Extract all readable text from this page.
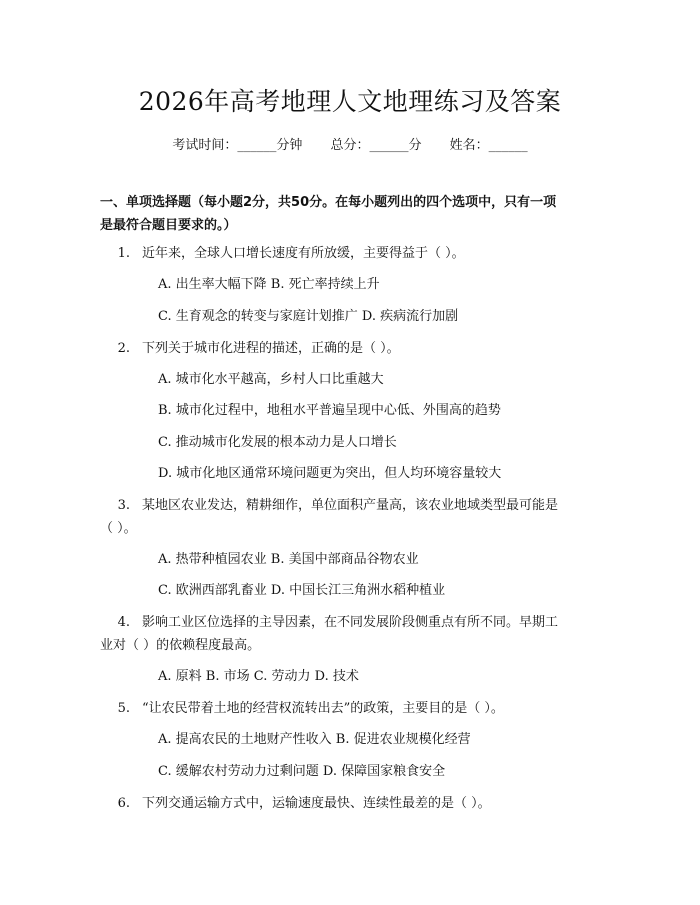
2026年高考地理人文地理练习及答案
考试时间：______分钟 总分：______分 姓名：______
一、单项选择题（每小题2分，共50分。在每小题列出的四个选项中，只有一项
是最符合题目要求的。）
1. 近年来，全球人口增长速度有所放缓，主要得益于（ ）。
A. 出生率大幅下降 B. 死亡率持续上升
C. 生育观念的转变与家庭计划推广 D. 疾病流行加剧
2. 下列关于城市化进程的描述，正确的是（ ）。
A. 城市化水平越高，乡村人口比重越大
B. 城市化过程中，地租水平普遍呈现中心低、外围高的趋势
C. 推动城市化发展的根本动力是人口增长
D. 城市化地区通常环境问题更为突出，但人均环境容量较大
3. 某地区农业发达，精耕细作，单位面积产量高，该农业地域类型最可能是
（ ）。
A. 热带种植园农业 B. 美国中部商品谷物农业
C. 欧洲西部乳畜业 D. 中国长江三角洲水稻种植业
4. 影响工业区位选择的主导因素，在不同发展阶段侧重点有所不同。早期工
业对（ ）的依赖程度最高。
A. 原料 B. 市场 C. 劳动力 D. 技术
5. “让农民带着土地的经营权流转出去”的政策，主要目的是（ ）。
A. 提高农民的土地财产性收入 B. 促进农业规模化经营
C. 缓解农村劳动力过剩问题 D. 保障国家粮食安全
6. 下列交通运输方式中，运输速度最快、连续性最差的是（ ）。
